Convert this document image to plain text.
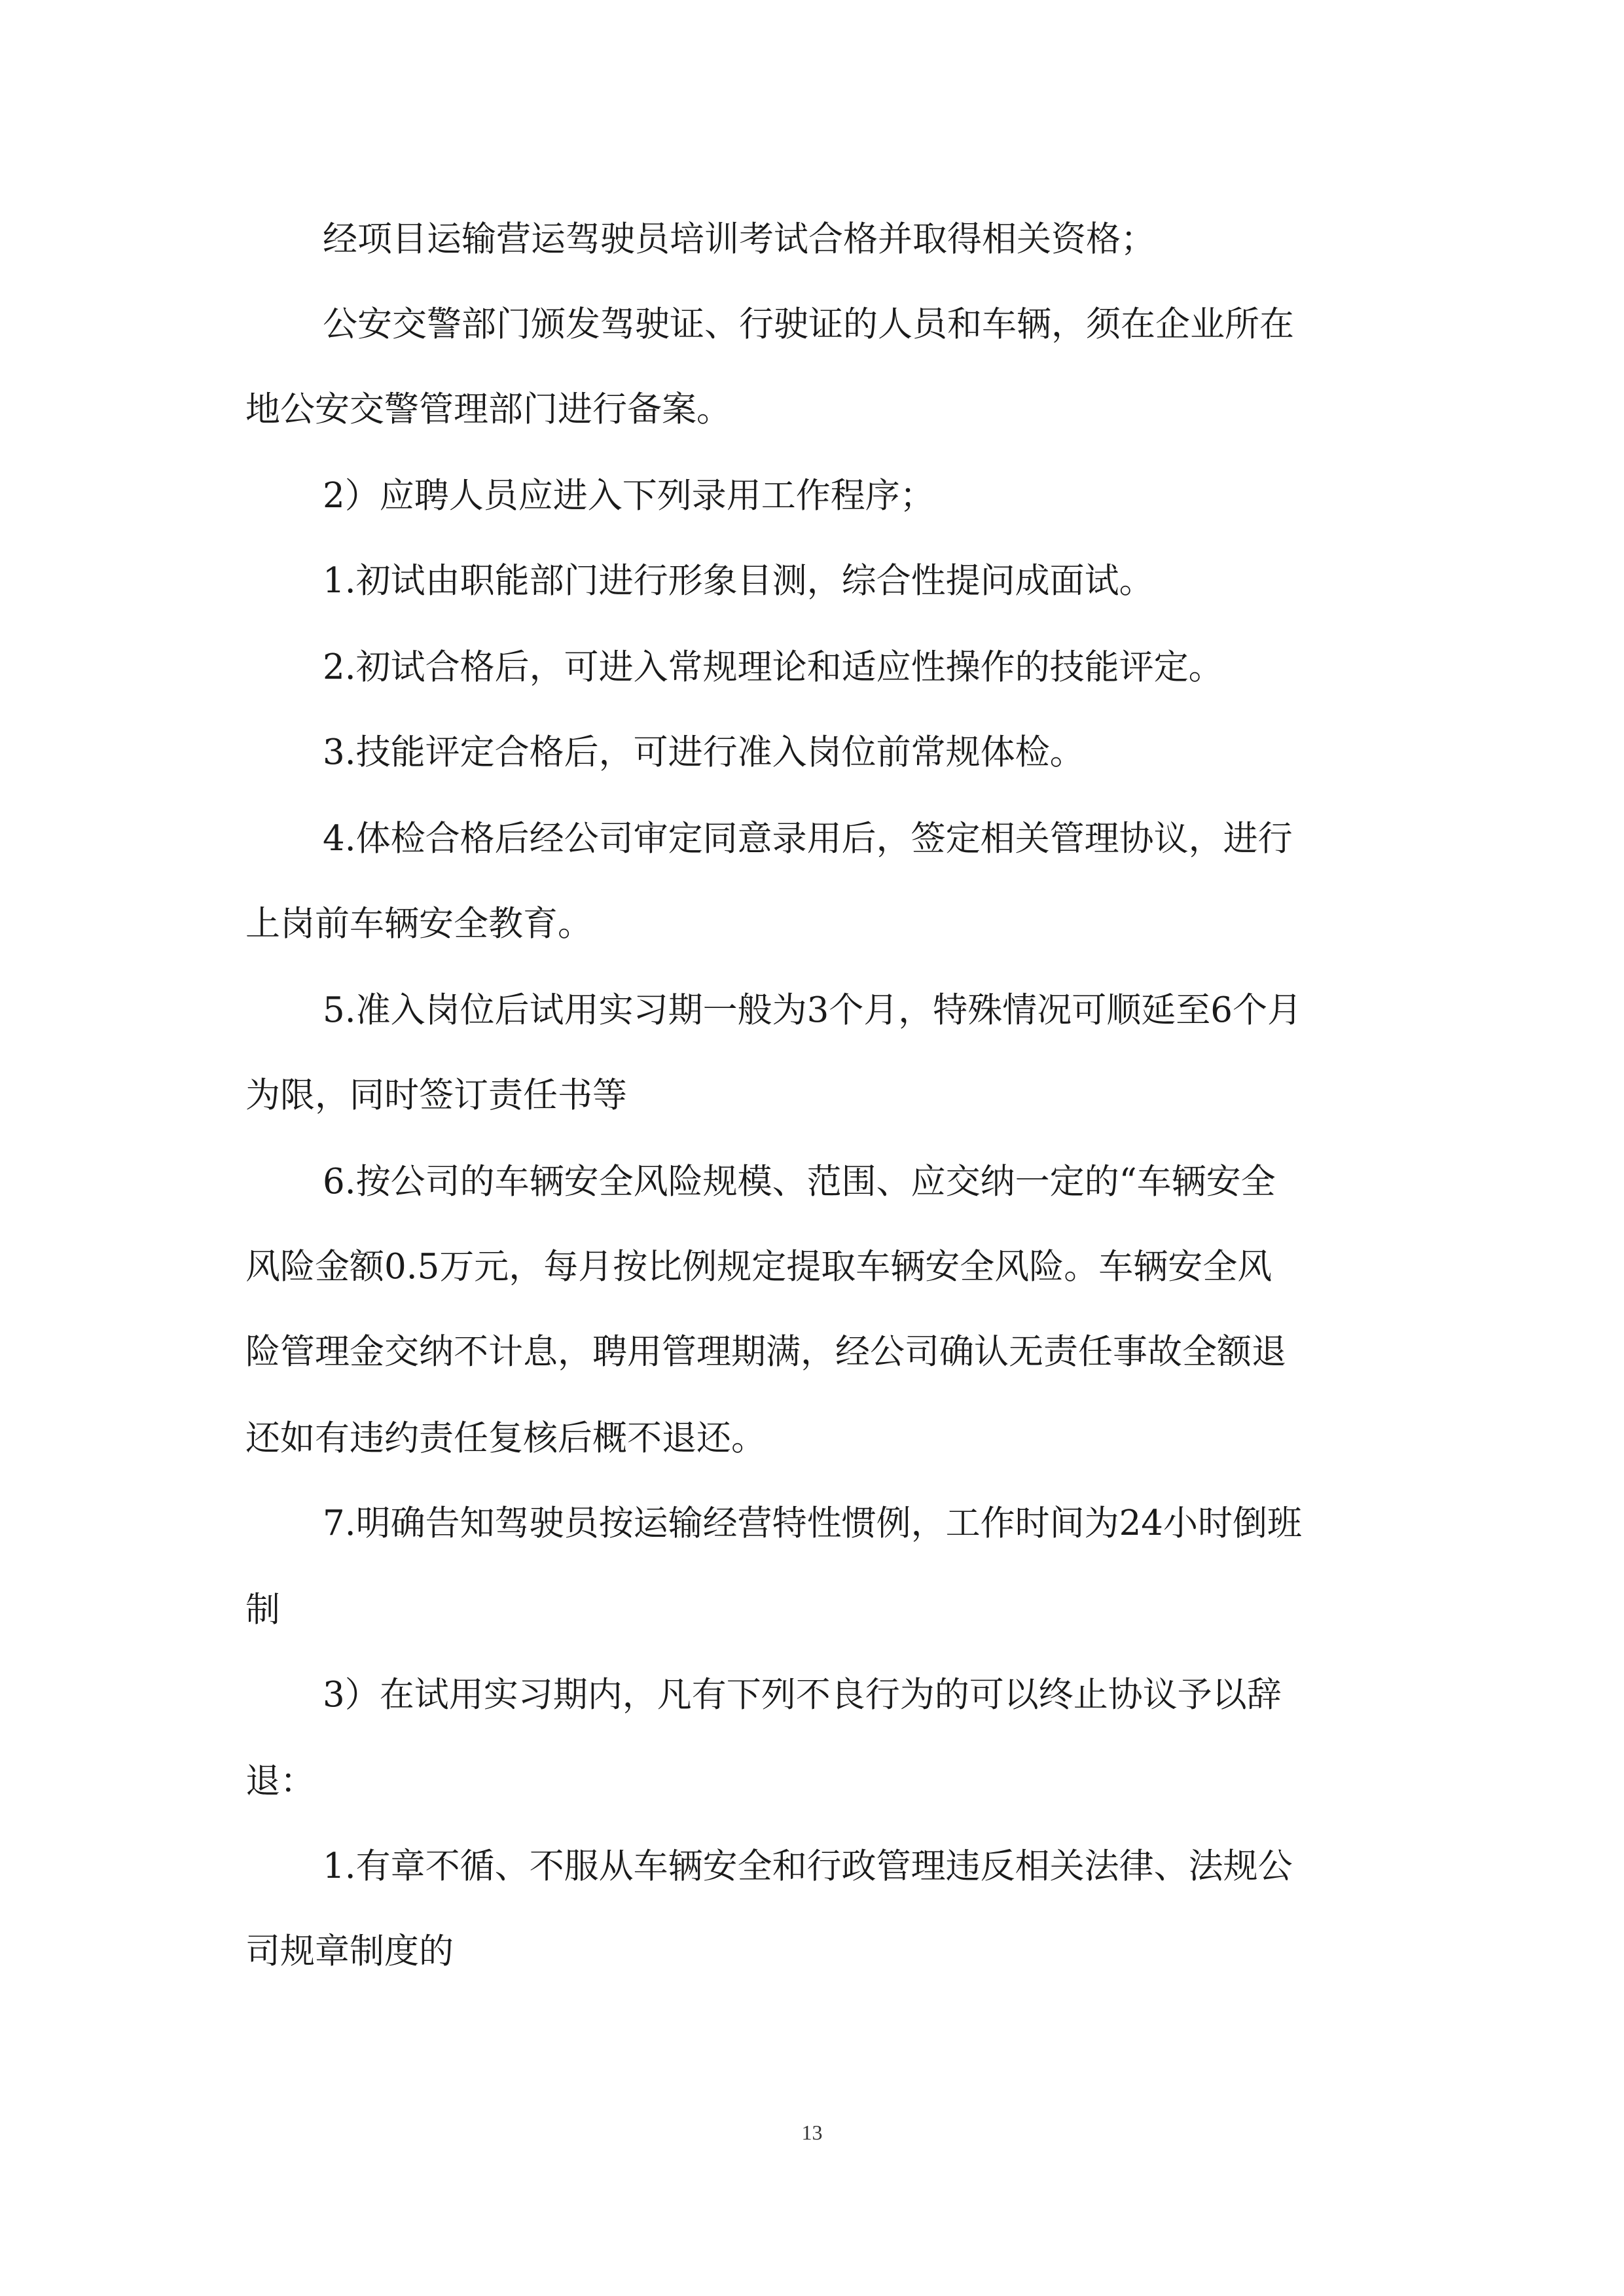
经项目运输营运驾驶员培训考试合格并取得相关资格；

公安交警部门颁发驾驶证、行驶证的人员和车辆，须在企业所在

地公安交警管理部门进行备案。

2）应聘人员应进入下列录用工作程序；

1.初试由职能部门进行形象目测，综合性提问成面试。

2.初试合格后，可进入常规理论和适应性操作的技能评定。

3.技能评定合格后，可进行准入岗位前常规体检。

4.体检合格后经公司审定同意录用后，签定相关管理协议，进行

上岗前车辆安全教育。

5.准入岗位后试用实习期一般为3个月，特殊情况可顺延至6个月

为限，同时签订责任书等

6.按公司的车辆安全风险规模、范围、应交纳一定的“车辆安全

风险金额0.5万元，每月按比例规定提取车辆安全风险。车辆安全风

险管理金交纳不计息，聘用管理期满，经公司确认无责任事故全额退

还如有违约责任复核后概不退还。

7.明确告知驾驶员按运输经营特性惯例，工作时间为24小时倒班

制

3）在试用实习期内，凡有下列不良行为的可以终止协议予以辞

退：

1.有章不循、不服从车辆安全和行政管理违反相关法律、法规公

司规章制度的

13
